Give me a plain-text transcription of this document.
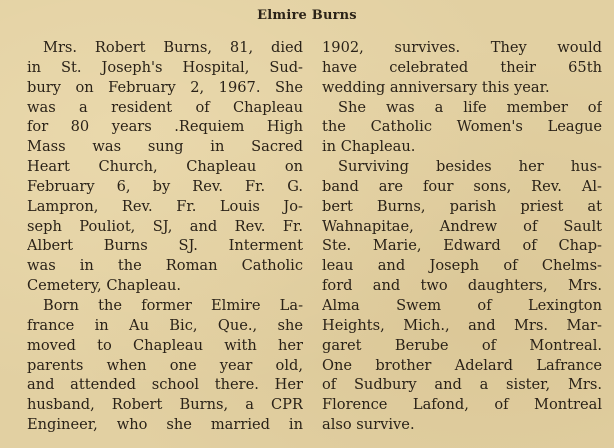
Elmire Burns
Mrs. Robert Burns, 81, died
in St. Joseph's Hospital, Sud-
bury on February 2, 1967. She
was a resident of Chapleau
for 80 years .Requiem High
Mass was sung in Sacred
Heart Church, Chapleau on
February 6, by Rev. Fr. G.
Lampron, Rev. Fr. Louis Jo-
seph Pouliot, SJ, and Rev. Fr.
Albert Burns SJ. Interment
was in the Roman Catholic
Cemetery, Chapleau.
Born the former Elmire La-
france in Au Bic, Que., she
moved to Chapleau with her
parents when one year old,
and attended school there. Her
husband, Robert Burns, a CPR
Engineer, who she married in
1902, survives. They would
have celebrated their 65th
wedding anniversary this year.
She was a life member of
the Catholic Women's League
in Chapleau.
Surviving besides her hus-
band are four sons, Rev. Al-
bert Burns, parish priest at
Wahnapitae, Andrew of Sault
Ste. Marie, Edward of Chap-
leau and Joseph of Chelms-
ford and two daughters, Mrs.
Alma Swem of Lexington
Heights, Mich., and Mrs. Mar-
garet Berube of Montreal.
One brother Adelard Lafrance
of Sudbury and a sister, Mrs.
Florence Lafond, of Montreal
also survive.
